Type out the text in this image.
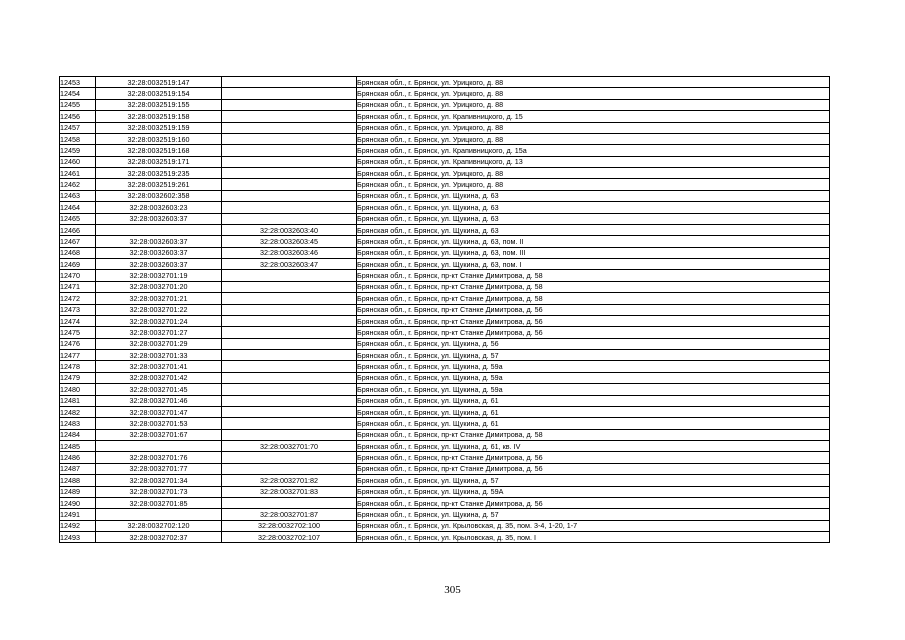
12453	32:28:0032519:147		Брянская обл., г. Брянск, ул. Урицкого, д. 88
12454	32:28:0032519:154		Брянская обл., г. Брянск, ул. Урицкого, д. 88
12455	32:28:0032519:155		Брянская обл., г. Брянск, ул. Урицкого, д. 88
12456	32:28:0032519:158		Брянская обл., г. Брянск, ул. Крапивницкого, д. 15
12457	32:28:0032519:159		Брянская обл., г. Брянск, ул. Урицкого, д. 88
12458	32:28:0032519:160		Брянская обл., г. Брянск, ул. Урицкого, д. 88
12459	32:28:0032519:168		Брянская обл., г. Брянск, ул. Крапивницкого, д. 15а
12460	32:28:0032519:171		Брянская обл., г. Брянск, ул. Крапивницкого, д. 13
12461	32:28:0032519:235		Брянская обл., г. Брянск, ул. Урицкого, д. 88
12462	32:28:0032519:261		Брянская обл., г. Брянск, ул. Урицкого, д. 88
12463	32:28:0032602:358		Брянская обл., г. Брянск, ул. Щукина, д. 63
12464	32:28:0032603:23		Брянская обл., г. Брянск, ул. Щукина, д. 63
12465	32:28:0032603:37		Брянская обл., г. Брянск, ул. Щукина, д. 63
12466		32:28:0032603:40	Брянская обл., г. Брянск, ул. Щукина, д. 63
12467	32:28:0032603:37	32:28:0032603:45	Брянская обл., г. Брянск, ул. Щукина, д. 63, пом. II
12468	32:28:0032603:37	32:28:0032603:46	Брянская обл., г. Брянск, ул. Щукина, д. 63, пом. III
12469	32:28:0032603:37	32:28:0032603:47	Брянская обл., г. Брянск, ул. Щукина, д. 63, пом. I
12470	32:28:0032701:19		Брянская обл., г. Брянск, пр-кт Станке Димитрова, д. 58
12471	32:28:0032701:20		Брянская обл., г. Брянск, пр-кт Станке Димитрова, д. 58
12472	32:28:0032701:21		Брянская обл., г. Брянск, пр-кт Станке Димитрова, д. 58
12473	32:28:0032701:22		Брянская обл., г. Брянск, пр-кт Станке Димитрова, д. 56
12474	32:28:0032701:24		Брянская обл., г. Брянск, пр-кт Станке Димитрова, д. 56
12475	32:28:0032701:27		Брянская обл., г. Брянск, пр-кт Станке Димитрова, д. 56
12476	32:28:0032701:29		Брянская обл., г. Брянск, ул. Щукина, д. 56
12477	32:28:0032701:33		Брянская обл., г. Брянск, ул. Щукина, д. 57
12478	32:28:0032701:41		Брянская обл., г. Брянск, ул. Щукина, д. 59а
12479	32:28:0032701:42		Брянская обл., г. Брянск, ул. Щукина, д. 59а
12480	32:28:0032701:45		Брянская обл., г. Брянск, ул. Щукина, д. 59а
12481	32:28:0032701:46		Брянская обл., г. Брянск, ул. Щукина, д. 61
12482	32:28:0032701:47		Брянская обл., г. Брянск, ул. Щукина, д. 61
12483	32:28:0032701:53		Брянская обл., г. Брянск, ул. Щукина, д. 61
12484	32:28:0032701:67		Брянская обл., г. Брянск, пр-кт Станке Димитрова, д. 58
12485		32:28:0032701:70	Брянская обл., г. Брянск, ул. Щукина, д. 61, кв. IV
12486	32:28:0032701:76		Брянская обл., г. Брянск, пр-кт Станке Димитрова, д. 56
12487	32:28:0032701:77		Брянская обл., г. Брянск, пр-кт Станке Димитрова, д. 56
12488	32:28:0032701:34	32:28:0032701:82	Брянская обл., г. Брянск, ул. Щукина, д. 57
12489	32:28:0032701:73	32:28:0032701:83	Брянская обл., г. Брянск, ул. Щукина, д. 59А
12490	32:28:0032701:85		Брянская обл., г. Брянск, пр-кт Станке Димитрова, д. 56
12491		32:28:0032701:87	Брянская обл., г. Брянск, ул. Щукина, д. 57
12492	32:28:0032702:120	32:28:0032702:100	Брянская обл., г. Брянск, ул. Крыловская, д. 35, пом. 3-4, 1-20, 1-7
12493	32:28:0032702:37	32:28:0032702:107	Брянская обл., г. Брянск, ул. Крыловская, д. 35, пом. I
305
